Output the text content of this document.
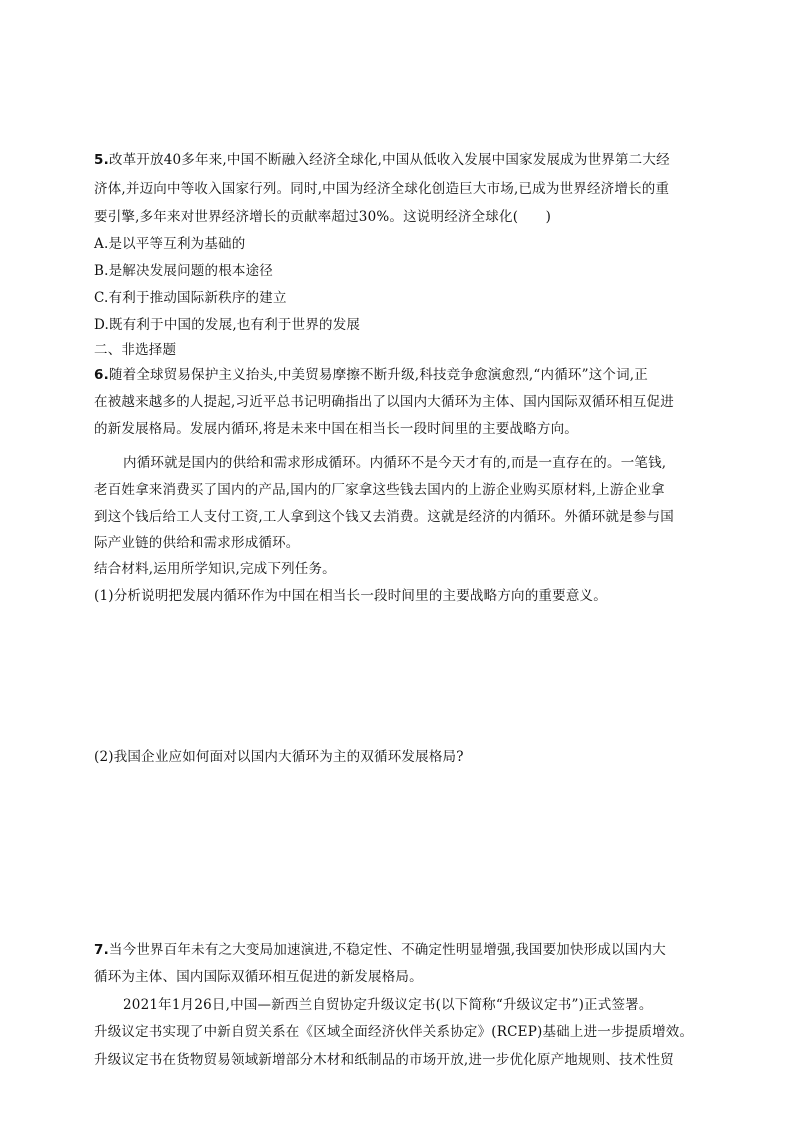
5.改革开放40多年来,中国不断融入经济全球化,中国从低收入发展中国家发展成为世界第二大经
济体,并迈向中等收入国家行列。同时,中国为经济全球化创造巨大市场,已成为世界经济增长的重
要引擎,多年来对世界经济增长的贡献率超过30%。这说明经济全球化(　　)
A.是以平等互利为基础的
B.是解决发展问题的根本途径
C.有利于推动国际新秩序的建立
D.既有利于中国的发展,也有利于世界的发展
二、非选择题
6.随着全球贸易保护主义抬头,中美贸易摩擦不断升级,科技竞争愈演愈烈,“内循环”这个词,正
在被越来越多的人提起,习近平总书记明确指出了以国内大循环为主体、国内国际双循环相互促进
的新发展格局。发展内循环,将是未来中国在相当长一段时间里的主要战略方向。
内循环就是国内的供给和需求形成循环。内循环不是今天才有的,而是一直存在的。一笔钱,
老百姓拿来消费买了国内的产品,国内的厂家拿这些钱去国内的上游企业购买原材料,上游企业拿
到这个钱后给工人支付工资,工人拿到这个钱又去消费。这就是经济的内循环。外循环就是参与国
际产业链的供给和需求形成循环。
结合材料,运用所学知识,完成下列任务。
(1)分析说明把发展内循环作为中国在相当长一段时间里的主要战略方向的重要意义。
(2)我国企业应如何面对以国内大循环为主的双循环发展格局?
7.当今世界百年未有之大变局加速演进,不稳定性、不确定性明显增强,我国要加快形成以国内大
循环为主体、国内国际双循环相互促进的新发展格局。
2021年1月26日,中国—新西兰自贸协定升级议定书(以下简称“升级议定书”)正式签署。
升级议定书实现了中新自贸关系在《区域全面经济伙伴关系协定》(RCEP)基础上进一步提质增效。
升级议定书在货物贸易领域新增部分木材和纸制品的市场开放,进一步优化原产地规则、技术性贸
